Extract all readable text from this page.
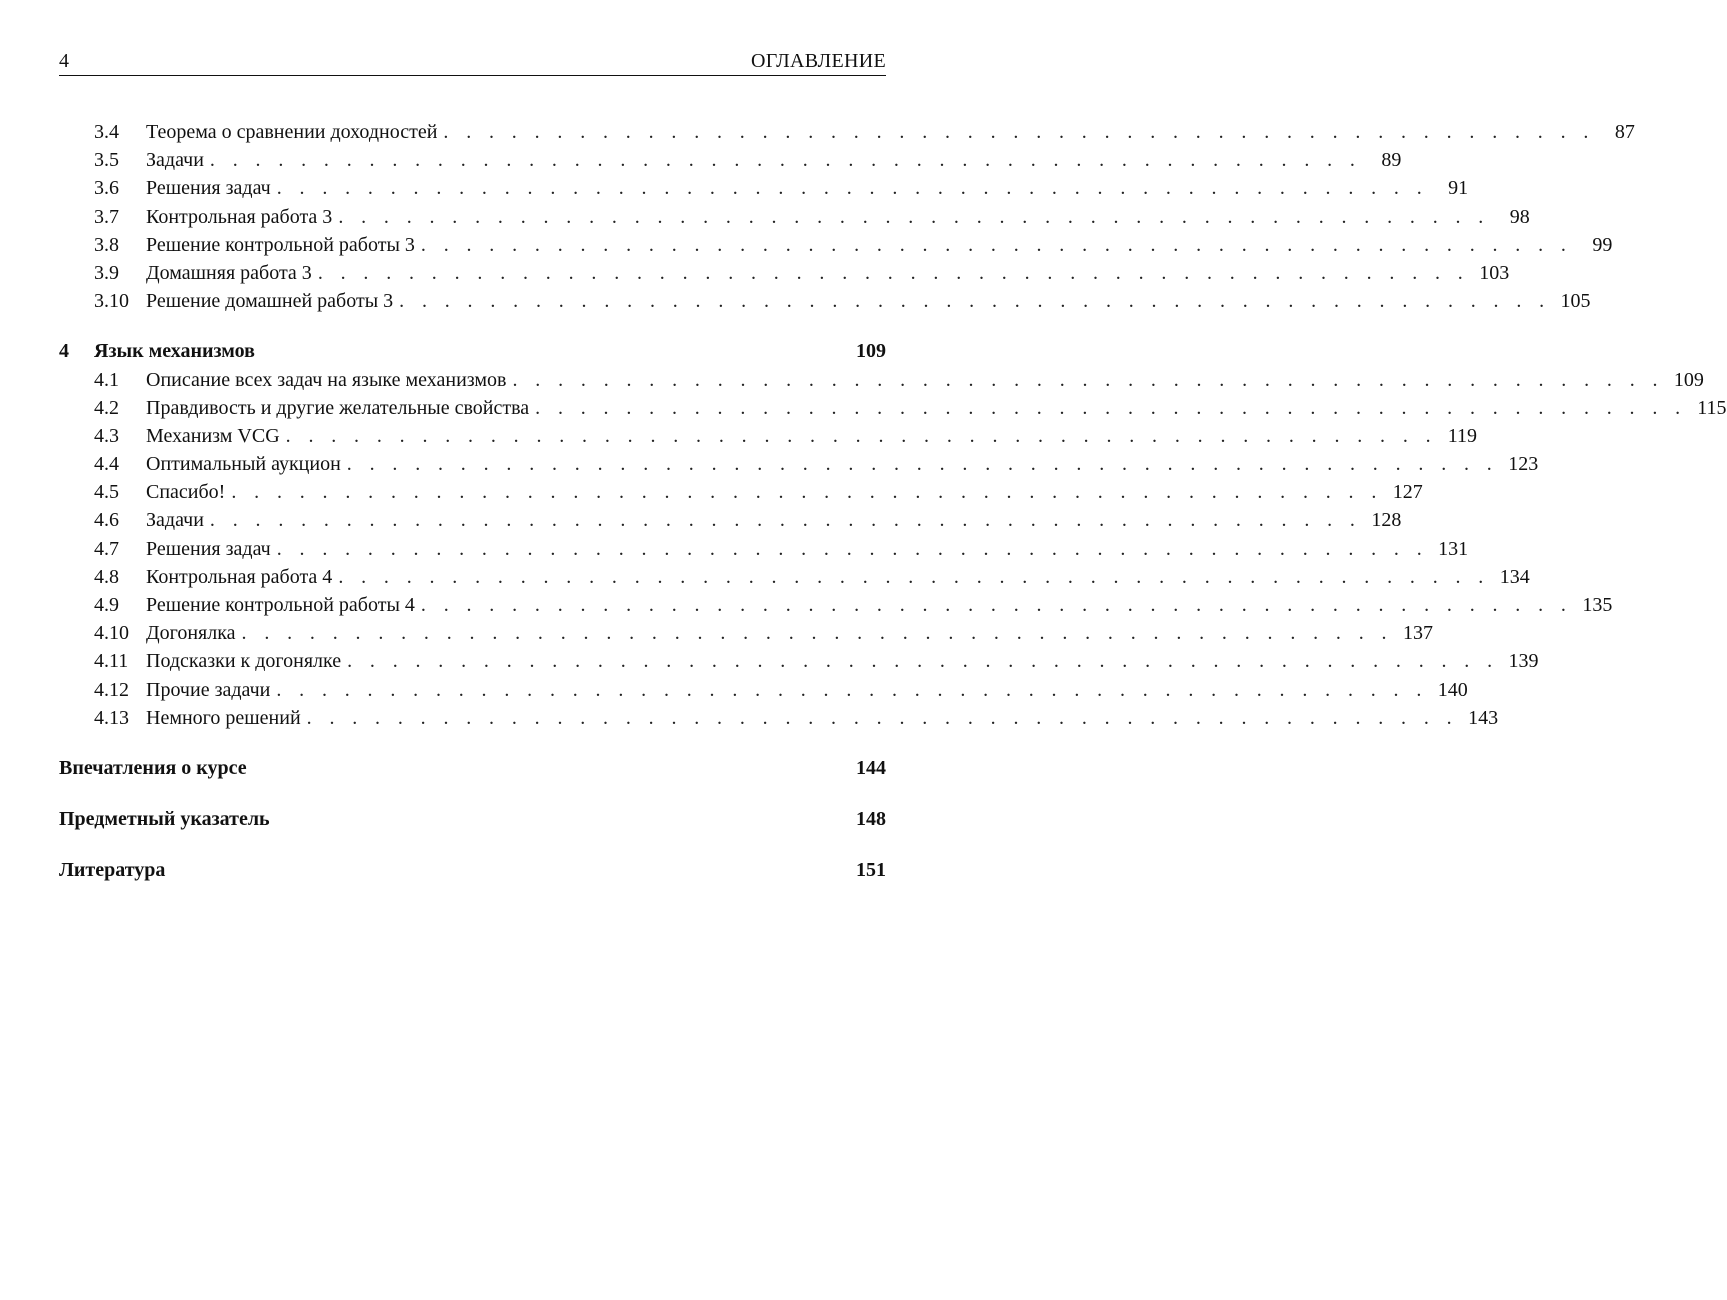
4	ОГЛАВЛЕНИЕ
3.4	Теорема о сравнении доходностей . . . . . . . . . . . . . . . . . . . . . . . . . . . . . . . . . . . . . . . . . . . . . . . . . . .	87
3.5	Задачи . . . . . . . . . . . . . . . . . . . . . . . . . . . . . . . . . . . . . . . . . . . . . . . . . . .	89
3.6	Решения задач . . . . . . . . . . . . . . . . . . . . . . . . . . . . . . . . . . . . . . . . . . . . . . . . . . .	91
3.7	Контрольная работа 3 . . . . . . . . . . . . . . . . . . . . . . . . . . . . . . . . . . . . . . . . . . . . . . . . . . .	98
3.8	Решение контрольной работы 3 . . . . . . . . . . . . . . . . . . . . . . . . . . . . . . . . . . . . . . . . . . . . . . . . . . .	99
3.9	Домашняя работа 3 . . . . . . . . . . . . . . . . . . . . . . . . . . . . . . . . . . . . . . . . . . . . . . . . . . . 103
3.10 Решение домашней работы 3 . . . . . . . . . . . . . . . . . . . . . . . . . . . . . . . . . . . . . . . . . . . . . . . . . . . 105
4	Язык механизмов	109
4.1	Описание всех задач на языке механизмов . . . . . . . . . . . . . . . . . . . . . . . . . . . . . . . . . . . . . . . . . . . . . . . . . . . 109
4.2	Правдивость и другие желательные свойства . . . . . . . . . . . . . . . . . . . . . . . . . . . . . . . . . . . . . . . . . . . . . . . . . . . 115
4.3	Механизм VCG . . . . . . . . . . . . . . . . . . . . . . . . . . . . . . . . . . . . . . . . . . . . . . . . . . . 119
4.4	Оптимальный аукцион . . . . . . . . . . . . . . . . . . . . . . . . . . . . . . . . . . . . . . . . . . . . . . . . . . . 123
4.5	Спасибо! . . . . . . . . . . . . . . . . . . . . . . . . . . . . . . . . . . . . . . . . . . . . . . . . . . . 127
4.6	Задачи . . . . . . . . . . . . . . . . . . . . . . . . . . . . . . . . . . . . . . . . . . . . . . . . . . . 128
4.7	Решения задач . . . . . . . . . . . . . . . . . . . . . . . . . . . . . . . . . . . . . . . . . . . . . . . . . . . 131
4.8	Контрольная работа 4 . . . . . . . . . . . . . . . . . . . . . . . . . . . . . . . . . . . . . . . . . . . . . . . . . . . 134
4.9	Решение контрольной работы 4 . . . . . . . . . . . . . . . . . . . . . . . . . . . . . . . . . . . . . . . . . . . . . . . . . . . 135
4.10 Догонялка . . . . . . . . . . . . . . . . . . . . . . . . . . . . . . . . . . . . . . . . . . . . . . . . . . . 137
4.11 Подсказки к догонялке . . . . . . . . . . . . . . . . . . . . . . . . . . . . . . . . . . . . . . . . . . . . . . . . . . . 139
4.12 Прочие задачи . . . . . . . . . . . . . . . . . . . . . . . . . . . . . . . . . . . . . . . . . . . . . . . . . . . 140
4.13 Немного решений . . . . . . . . . . . . . . . . . . . . . . . . . . . . . . . . . . . . . . . . . . . . . . . . . . . 143
Впечатления о курсе	144
Предметный указатель	148
Литература	151
